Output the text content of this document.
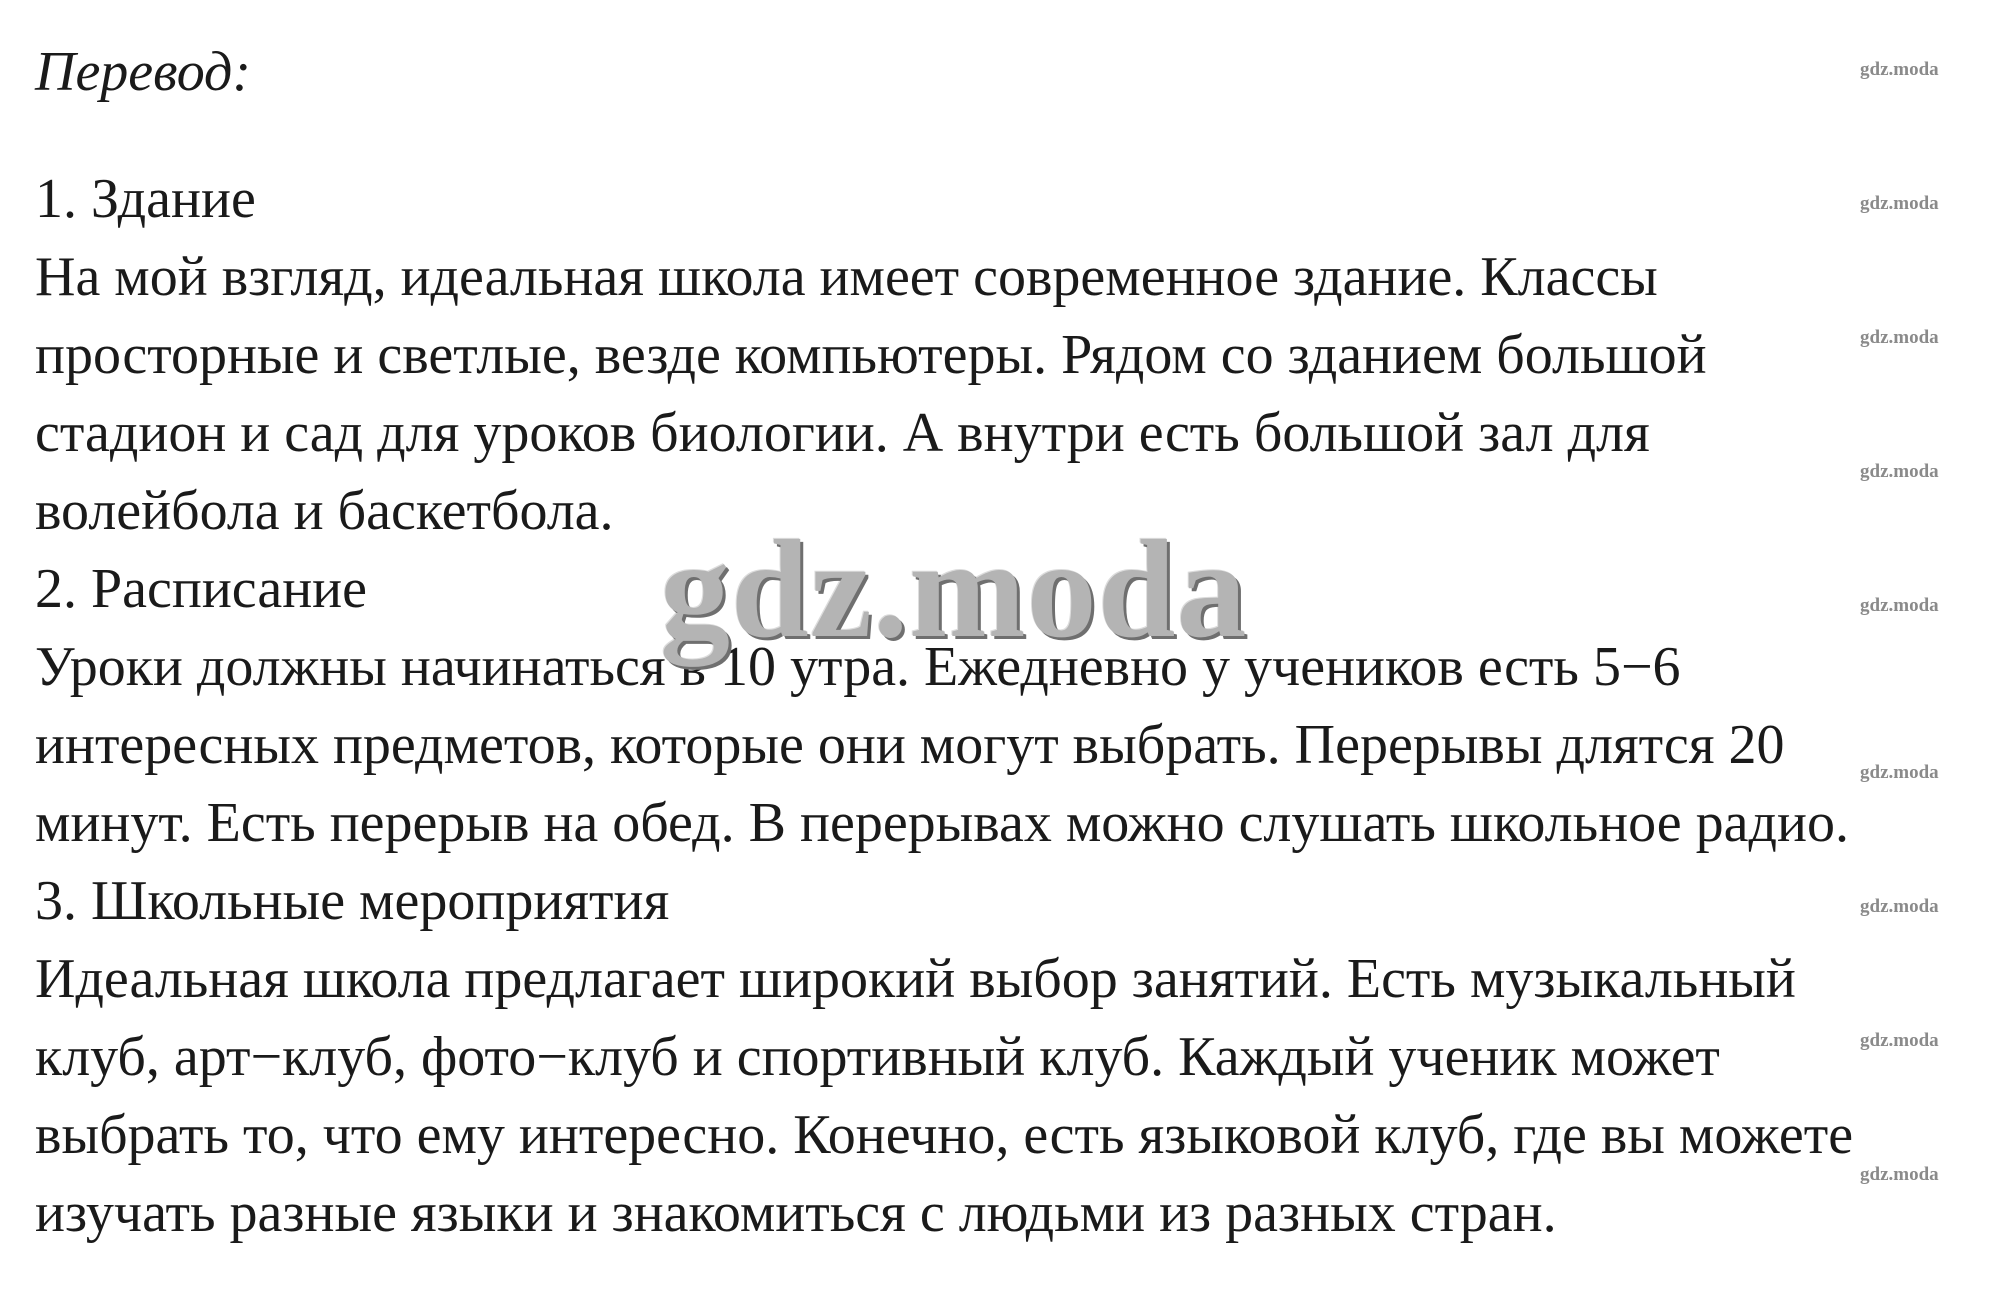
Перевод:
1. Здание
На мой взгляд, идеальная школа имеет современное здание. Классы
просторные и светлые, везде компьютеры. Рядом со зданием большой
стадион и сад для уроков биологии. А внутри есть большой зал для
волейбола и баскетбола.
2. Расписание
Уроки должны начинаться в 10 утра. Ежедневно у учеников есть 5−6
интересных предметов, которые они могут выбрать. Перерывы длятся 20
минут. Есть перерыв на обед. В перерывах можно слушать школьное радио.
3. Школьные мероприятия
Идеальная школа предлагает широкий выбор занятий. Есть музыкальный
клуб, арт−клуб, фото−клуб и спортивный клуб. Каждый ученик может
выбрать то, что ему интересно. Конечно, есть языковой клуб, где вы можете
изучать разные языки и знакомиться с людьми из разных стран.
gdz.moda
gdz.moda
gdz.moda
gdz.moda
gdz.moda
gdz.moda
gdz.moda
gdz.moda
gdz.moda
gdz.moda
